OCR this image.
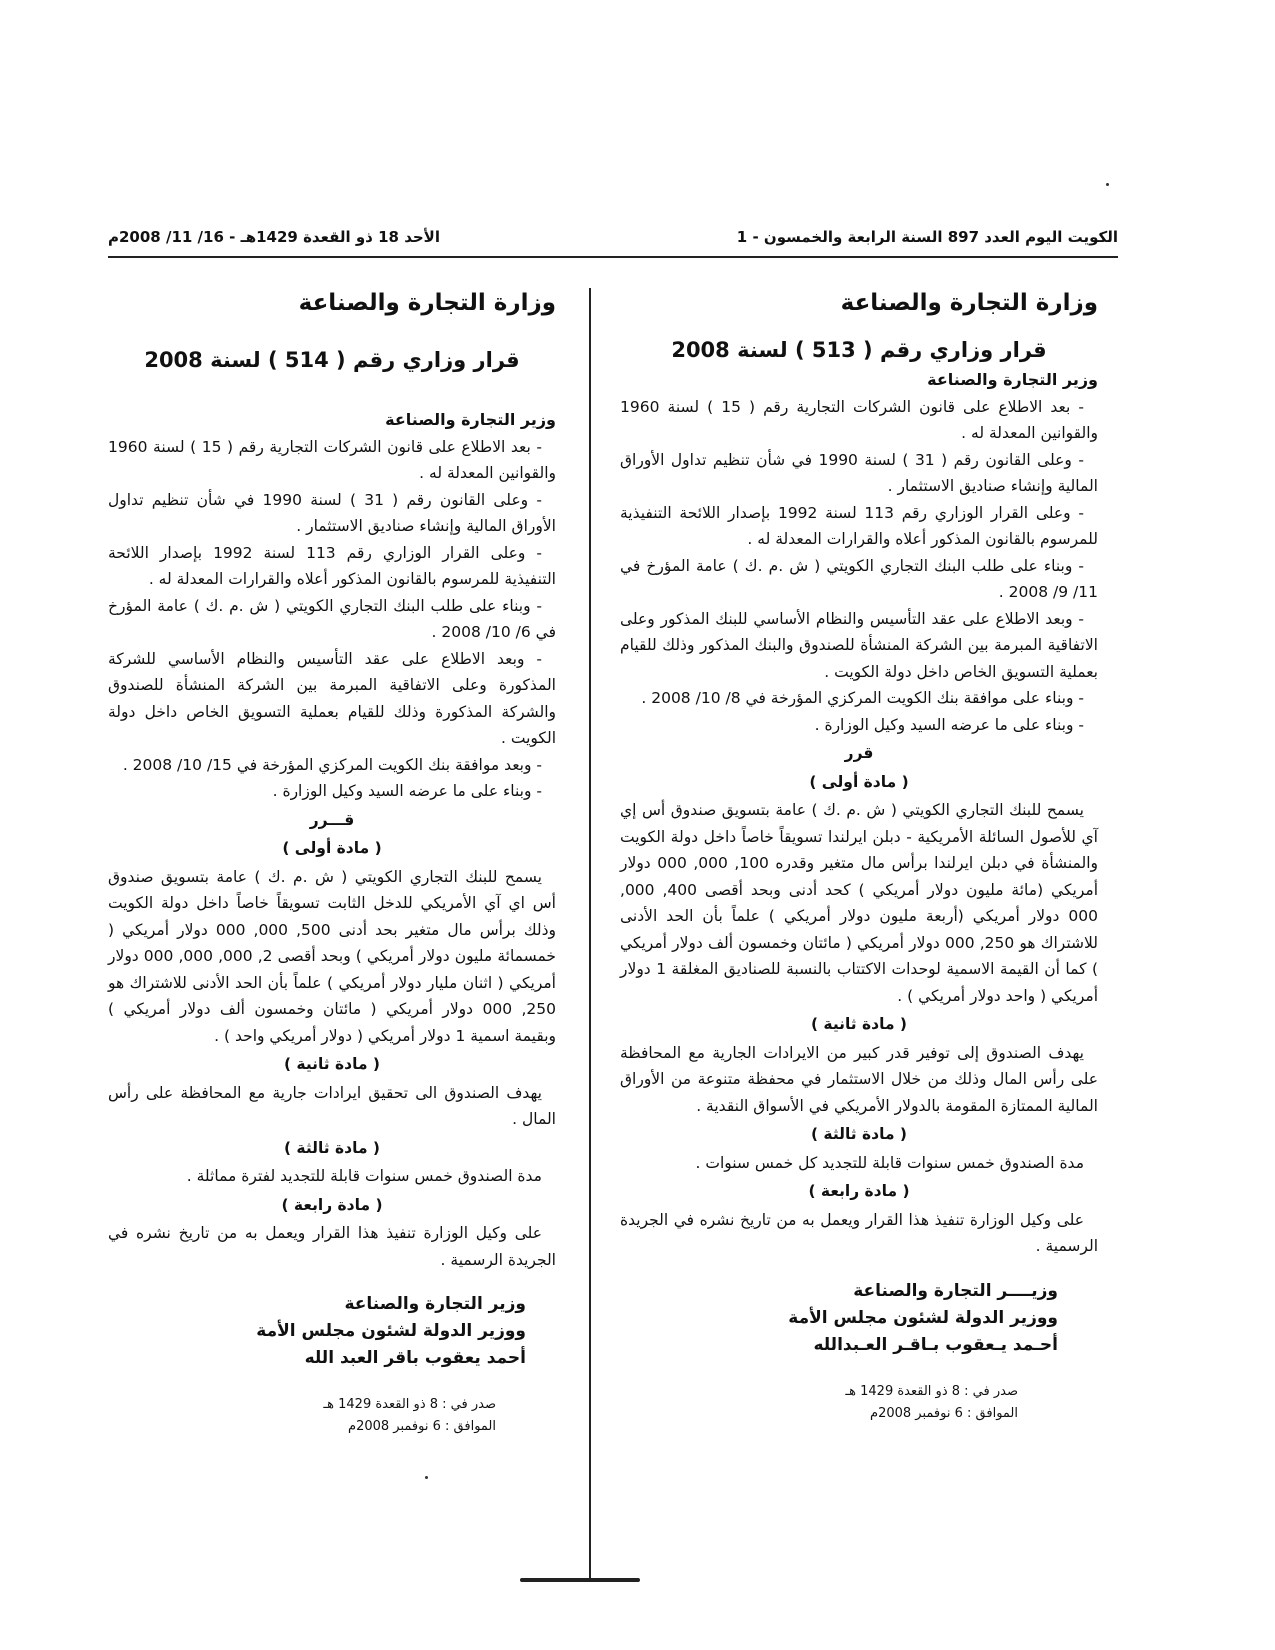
الكويت اليوم العدد 897 السنة الرابعة والخمسون - 1
الأحد 18 ذو القعدة 1429هـ - 16/ 11/ 2008م
وزارة التجارة والصناعة
قرار وزاري رقم ( 513 ) لسنة 2008
وزير التجارة والصناعة

- بعد الاطلاع على قانون الشركات التجارية رقم ( 15 ) لسنة 1960 والقوانين المعدلة له .

- وعلى القانون رقم ( 31 ) لسنة 1990 في شأن تنظيم تداول الأوراق المالية وإنشاء صناديق الاستثمار .

- وعلى القرار الوزاري رقم 113 لسنة 1992 بإصدار اللائحة التنفيذية للمرسوم بالقانون المذكور أعلاه والقرارات المعدلة له .

- وبناء على طلب البنك التجاري الكويتي ( ش .م .ك ) عامة المؤرخ في 11/ 9/ 2008 .

- وبعد الاطلاع على عقد التأسيس والنظام الأساسي للبنك المذكور وعلى الاتفاقية المبرمة بين الشركة المنشأة للصندوق والبنك المذكور وذلك للقيام بعملية التسويق الخاص داخل دولة الكويت .

- وبناء على موافقة بنك الكويت المركزي المؤرخة في 8/ 10/ 2008 .

- وبناء على ما عرضه السيد وكيل الوزارة .

قرر
( مادة أولى )

يسمح للبنك التجاري الكويتي ( ش .م .ك ) عامة بتسويق صندوق أس إي آي للأصول السائلة الأمريكية - دبلن ايرلندا تسويقاً خاصاً داخل دولة الكويت والمنشأة في دبلن ايرلندا برأس مال متغير وقدره 100, 000, 000 دولار أمريكي (مائة مليون دولار أمريكي ) كحد أدنى وبحد أقصى 400, 000, 000 دولار أمريكي (أربعة مليون دولار أمريكي ) علماً بأن الحد الأدنى للاشتراك هو 250, 000 دولار أمريكي ( مائتان وخمسون ألف دولار أمريكي ) كما أن القيمة الاسمية لوحدات الاكتتاب بالنسبة للصناديق المغلقة 1 دولار أمريكي ( واحد دولار أمريكي ) .

( مادة ثانية )

يهدف الصندوق إلى توفير قدر كبير من الايرادات الجارية مع المحافظة على رأس المال وذلك من خلال الاستثمار في محفظة متنوعة من الأوراق المالية الممتازة المقومة بالدولار الأمريكي في الأسواق النقدية .

( مادة ثالثة )

مدة الصندوق خمس سنوات قابلة للتجديد كل خمس سنوات .

( مادة رابعة )

على وكيل الوزارة تنفيذ هذا القرار ويعمل به من تاريخ نشره في الجريدة الرسمية .

وزيــــر التجارة والصناعة
ووزير الدولة لشئون مجلس الأمة
أحـمد يـعقوب بـاقـر العـبدالله
صدر في : 8 ذو القعدة 1429 هـ
الموافق : 6 نوفمبر 2008م
وزارة التجارة والصناعة
قرار وزاري رقم ( 514 ) لسنة 2008
وزير التجارة والصناعة

- بعد الاطلاع على قانون الشركات التجارية رقم ( 15 ) لسنة 1960 والقوانين المعدلة له .

- وعلى القانون رقم ( 31 ) لسنة 1990 في شأن تنظيم تداول الأوراق المالية وإنشاء صناديق الاستثمار .

- وعلى القرار الوزاري رقم 113 لسنة 1992 بإصدار اللائحة التنفيذية للمرسوم بالقانون المذكور أعلاه والقرارات المعدلة له .

- وبناء على طلب البنك التجاري الكويتي ( ش .م .ك ) عامة المؤرخ في 6/ 10/ 2008 .

- وبعد الاطلاع على عقد التأسيس والنظام الأساسي للشركة المذكورة وعلى الاتفاقية المبرمة بين الشركة المنشأة للصندوق والشركة المذكورة وذلك للقيام بعملية التسويق الخاص داخل دولة الكويت .

- وبعد موافقة بنك الكويت المركزي المؤرخة في 15/ 10/ 2008 .

- وبناء على ما عرضه السيد وكيل الوزارة .

قـــرر
( مادة أولى )

يسمح للبنك التجاري الكويتي ( ش .م .ك ) عامة بتسويق صندوق أس اي آي الأمريكي للدخل الثابت تسويقاً خاصاً داخل دولة الكويت وذلك برأس مال متغير بحد أدنى 500, 000, 000 دولار أمريكي ( خمسمائة مليون دولار أمريكي ) وبحد أقصى 2, 000, 000, 000 دولار أمريكي ( اثنان مليار دولار أمريكي ) علماً بأن الحد الأدنى للاشتراك هو 250, 000 دولار أمريكي ( مائتان وخمسون ألف دولار أمريكي ) وبقيمة اسمية 1 دولار أمريكي ( دولار أمريكي واحد ) .

( مادة ثانية )

يهدف الصندوق الى تحقيق ايرادات جارية مع المحافظة على رأس المال .

( مادة ثالثة )

مدة الصندوق خمس سنوات قابلة للتجديد لفترة مماثلة .

( مادة رابعة )

على وكيل الوزارة تنفيذ هذا القرار ويعمل به من تاريخ نشره في الجريدة الرسمية .

وزير التجارة والصناعة
ووزير الدولة لشئون مجلس الأمة
أحمد يعقوب باقر العبد الله
صدر في : 8 ذو القعدة 1429 هـ
الموافق : 6 نوفمبر 2008م
